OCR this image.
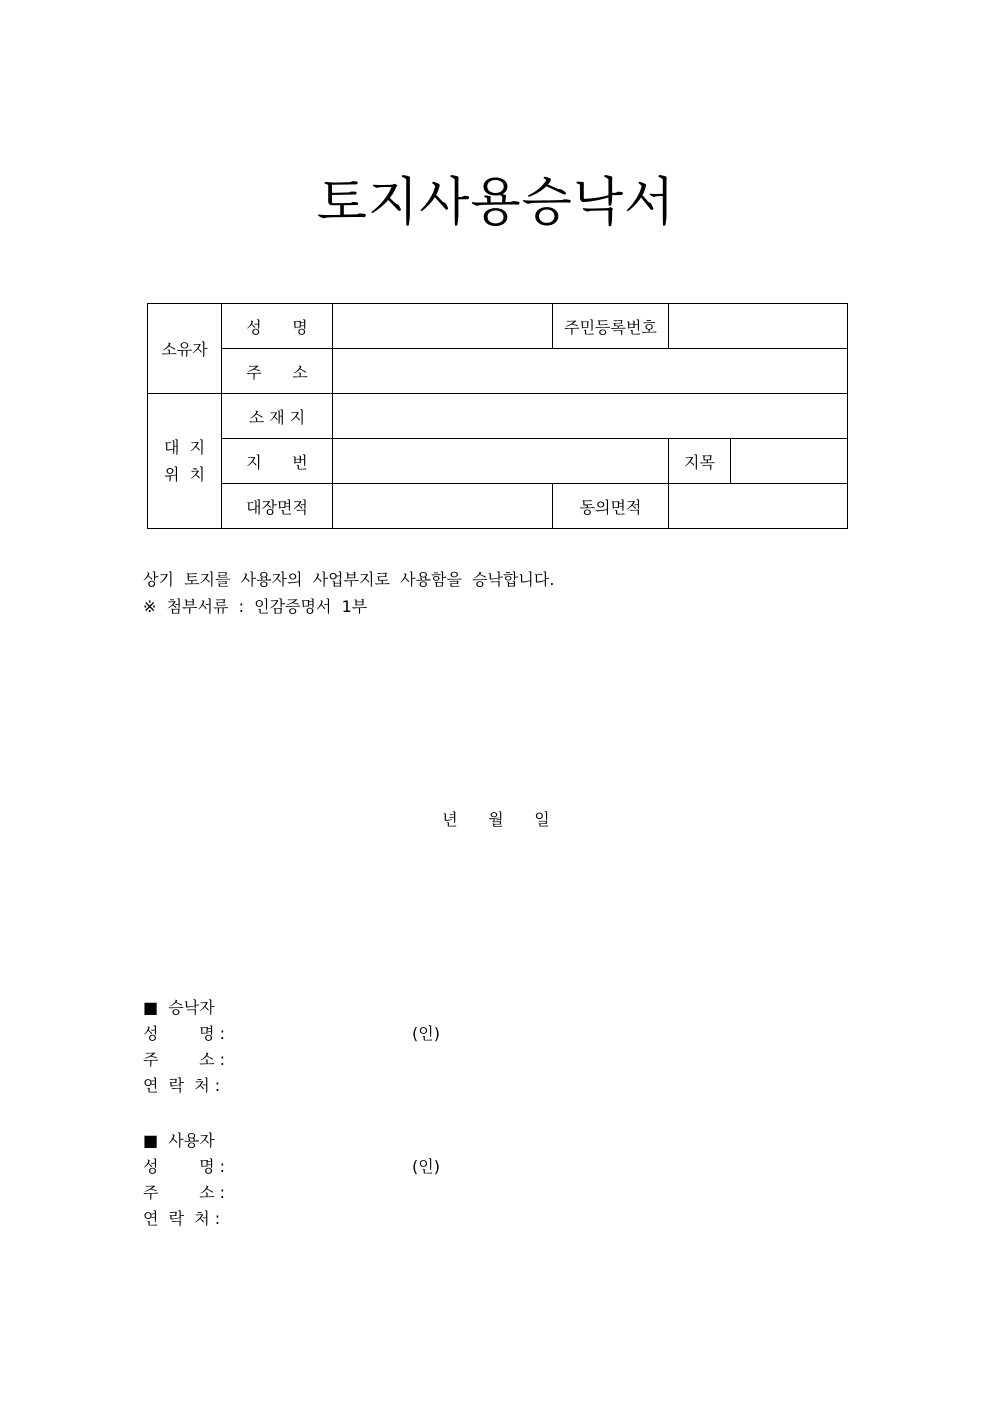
토지사용승낙서
소유자	성      명		주민등록번호		
	주      소				
대  지
위  치	소 재 지				
	지      번			지목	
	대장면적		동의면적		
상기  토지를  사용자의  사업부지로  사용함을  승낙합니다.
※  첨부서류  :  인감증명서  1부
년      월      일
■  승낙자
성        명 :	(인)
주        소 :
연  락  처 :
■  사용자
성        명 :	(인)
주        소 :
연  락  처 :
